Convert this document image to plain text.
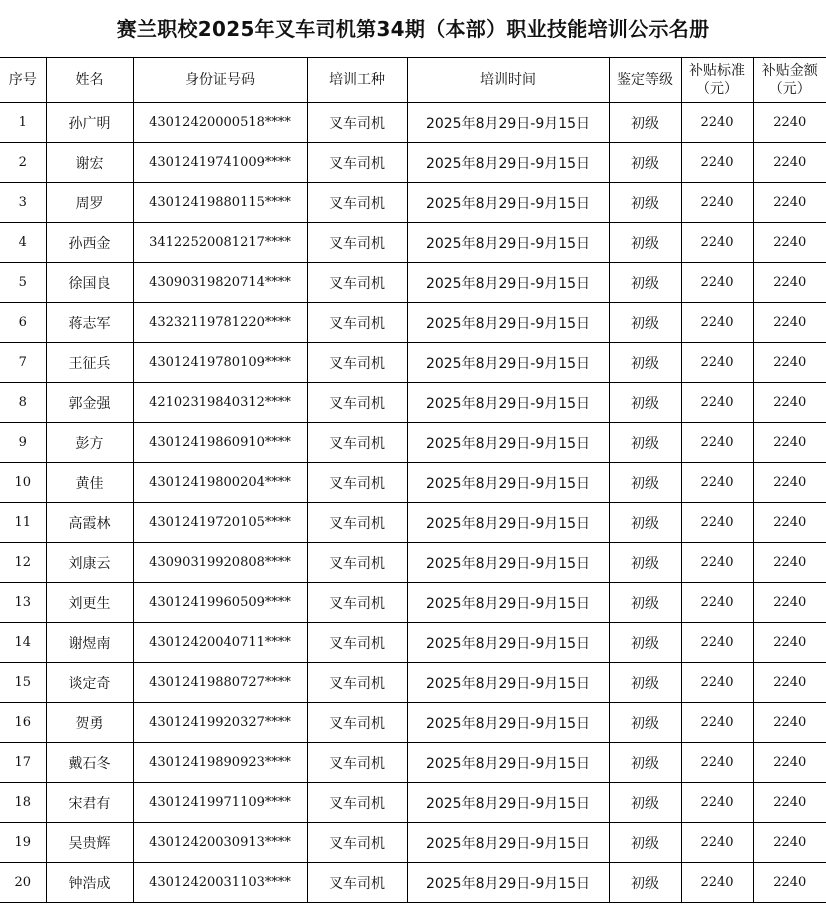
赛兰职校2025年叉车司机第34期（本部）职业技能培训公示名册
序号	姓名	身份证号码	培训工种	培训时间	鉴定等级	补贴标准（元）	补贴金额（元）
1	孙广明	43012420000518****	叉车司机	2025年8月29日-9月15日	初级	2240	2240
2	谢宏	43012419741009****	叉车司机	2025年8月29日-9月15日	初级	2240	2240
3	周罗	43012419880115****	叉车司机	2025年8月29日-9月15日	初级	2240	2240
4	孙西金	34122520081217****	叉车司机	2025年8月29日-9月15日	初级	2240	2240
5	徐国良	43090319820714****	叉车司机	2025年8月29日-9月15日	初级	2240	2240
6	蒋志军	43232119781220****	叉车司机	2025年8月29日-9月15日	初级	2240	2240
7	王征兵	43012419780109****	叉车司机	2025年8月29日-9月15日	初级	2240	2240
8	郭金强	42102319840312****	叉车司机	2025年8月29日-9月15日	初级	2240	2240
9	彭方	43012419860910****	叉车司机	2025年8月29日-9月15日	初级	2240	2240
10	黄佳	43012419800204****	叉车司机	2025年8月29日-9月15日	初级	2240	2240
11	高霞林	43012419720105****	叉车司机	2025年8月29日-9月15日	初级	2240	2240
12	刘康云	43090319920808****	叉车司机	2025年8月29日-9月15日	初级	2240	2240
13	刘更生	43012419960509****	叉车司机	2025年8月29日-9月15日	初级	2240	2240
14	谢煜南	43012420040711****	叉车司机	2025年8月29日-9月15日	初级	2240	2240
15	谈定奇	43012419880727****	叉车司机	2025年8月29日-9月15日	初级	2240	2240
16	贺勇	43012419920327****	叉车司机	2025年8月29日-9月15日	初级	2240	2240
17	戴石冬	43012419890923****	叉车司机	2025年8月29日-9月15日	初级	2240	2240
18	宋君有	43012419971109****	叉车司机	2025年8月29日-9月15日	初级	2240	2240
19	吴贵辉	43012420030913****	叉车司机	2025年8月29日-9月15日	初级	2240	2240
20	钟浩成	43012420031103****	叉车司机	2025年8月29日-9月15日	初级	2240	2240
